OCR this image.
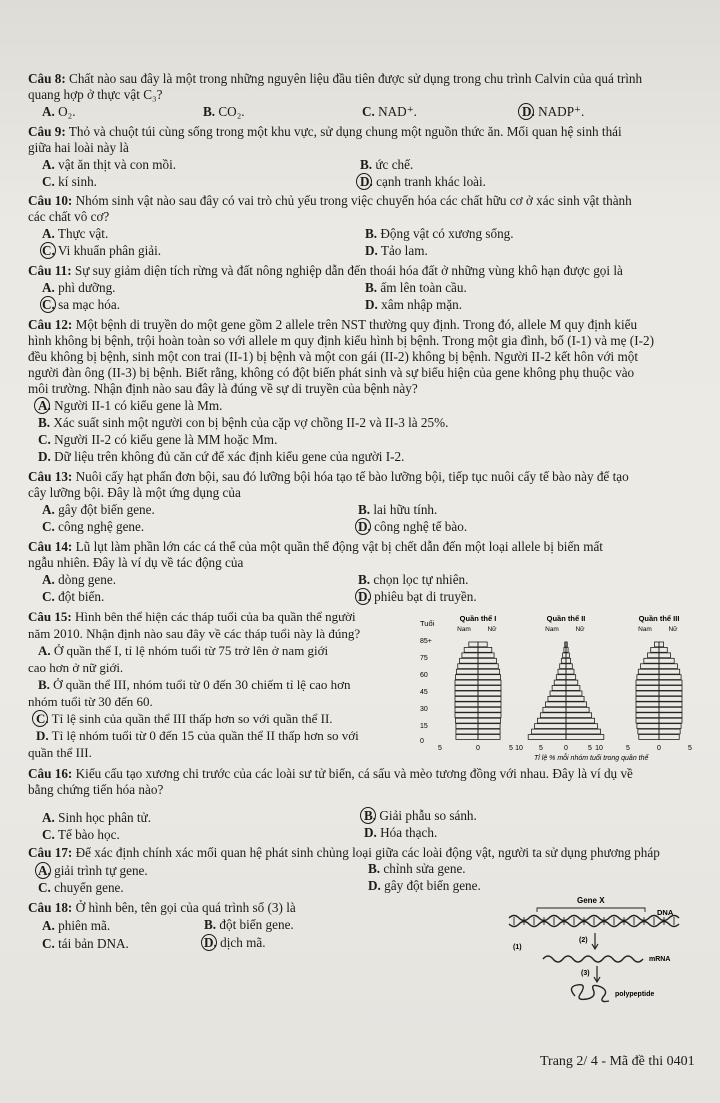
Câu 8: Chất nào sau đây là một trong những nguyên liệu đầu tiên được sử dụng trong chu trình Calvin của quá trình
quang hợp ở thực vật C₃?
A. O₂.	B. CO₂.	C. NAD⁺.	D. NADP⁺.
Câu 9: Thỏ và chuột túi cùng sống trong một khu vực, sử dụng chung một nguồn thức ăn. Mối quan hệ sinh thái
giữa hai loài này là
A. vật ăn thịt và con mồi.	B. ức chế.
C. kí sinh.	D. cạnh tranh khác loài.
Câu 10: Nhóm sinh vật nào sau đây có vai trò chủ yếu trong việc chuyển hóa các chất hữu cơ ở xác sinh vật thành
các chất vô cơ?
A. Thực vật.	B. Động vật có xương sống.
C. Vi khuẩn phân giải.	D. Tảo lam.
Câu 11: Sự suy giảm diện tích rừng và đất nông nghiệp dẫn đến thoái hóa đất ở những vùng khô hạn được gọi là
A. phì dưỡng.	B. ấm lên toàn cầu.
C. sa mạc hóa.	D. xâm nhập mặn.
Câu 12: Một bệnh di truyền do một gene gồm 2 allele trên NST thường quy định. Trong đó, allele M quy định kiểu
hình không bị bệnh, trội hoàn toàn so với allele m quy định kiểu hình bị bệnh. Trong một gia đình, bố (I-1) và mẹ (I-2)
đều không bị bệnh, sinh một con trai (II-1) bị bệnh và một con gái (II-2) không bị bệnh. Người II-2 kết hôn với một
người đàn ông (II-3) bị bệnh. Biết rằng, không có đột biến phát sinh và sự biểu hiện của gene không phụ thuộc vào
môi trường. Nhận định nào sau đây là đúng về sự di truyền của bệnh này?
A. Người II-1 có kiểu gene là Mm.
B. Xác suất sinh một người con bị bệnh của cặp vợ chồng II-2 và II-3 là 25%.
C. Người II-2 có kiểu gene là MM hoặc Mm.
D. Dữ liệu trên không đủ căn cứ để xác định kiểu gene của người I-2.
Câu 13: Nuôi cấy hạt phấn đơn bội, sau đó lưỡng bội hóa tạo tế bào lưỡng bội, tiếp tục nuôi cấy tế bào này để tạo
cây lưỡng bội. Đây là một ứng dụng của
A. gây đột biến gene.	B. lai hữu tính.
C. công nghệ gene.	D. công nghệ tế bào.
Câu 14: Lũ lụt làm phần lớn các cá thể của một quần thể động vật bị chết dẫn đến một loại allele bị biến mất
ngẫu nhiên. Đây là ví dụ về tác động của
A. dòng gene.	B. chọn lọc tự nhiên.
C. đột biến.	D. phiêu bạt di truyền.
Câu 15: Hình bên thể hiện các tháp tuổi của ba quần thể người
năm 2010. Nhận định nào sau đây về các tháp tuổi này là đúng?
A. Ở quần thể I, tỉ lệ nhóm tuổi từ 75 trở lên ở nam giới
cao hơn ở nữ giới.
B. Ở quần thể III, nhóm tuổi từ 0 đến 30 chiếm tỉ lệ cao hơn
nhóm tuổi từ 30 đến 60.
C. Tỉ lệ sinh của quần thể III thấp hơn so với quần thể II.
D. Tỉ lệ nhóm tuổi từ 0 đến 15 của quần thể II thấp hơn so với
quần thể III.
Tuổi
85+
75
60
45
30
15
0
Quần thể I
Nam	Nữ
Quần thể II
Nam	Nữ
Quần thể III
Nam	Nữ
5	0	5 10 5	0	5 10	5	0	5
Tỉ lệ % mỗi nhóm tuổi trong quần thể
Câu 16: Kiểu cấu tạo xương chi trước của các loài sư tử biển, cá sấu và mèo tương đồng với nhau. Đây là ví dụ về
bằng chứng tiến hóa nào?
A. Sinh học phân tử.	B. Giải phẫu so sánh.
C. Tế bào học.	D. Hóa thạch.
Câu 17: Để xác định chính xác mối quan hệ phát sinh chủng loại giữa các loài động vật, người ta sử dụng phương pháp
A. giải trình tự gene.	B. chỉnh sửa gene.
C. chuyển gene.	D. gây đột biến gene.
Câu 18: Ở hình bên, tên gọi của quá trình số (3) là
A. phiên mã.	B. đột biến gene.
C. tái bản DNA.	D. dịch mã.
Gene X
DNA
(1)
(2)
mRNA
(3)
polypeptide
Trang 2/ 4 - Mã đề thi 0401
